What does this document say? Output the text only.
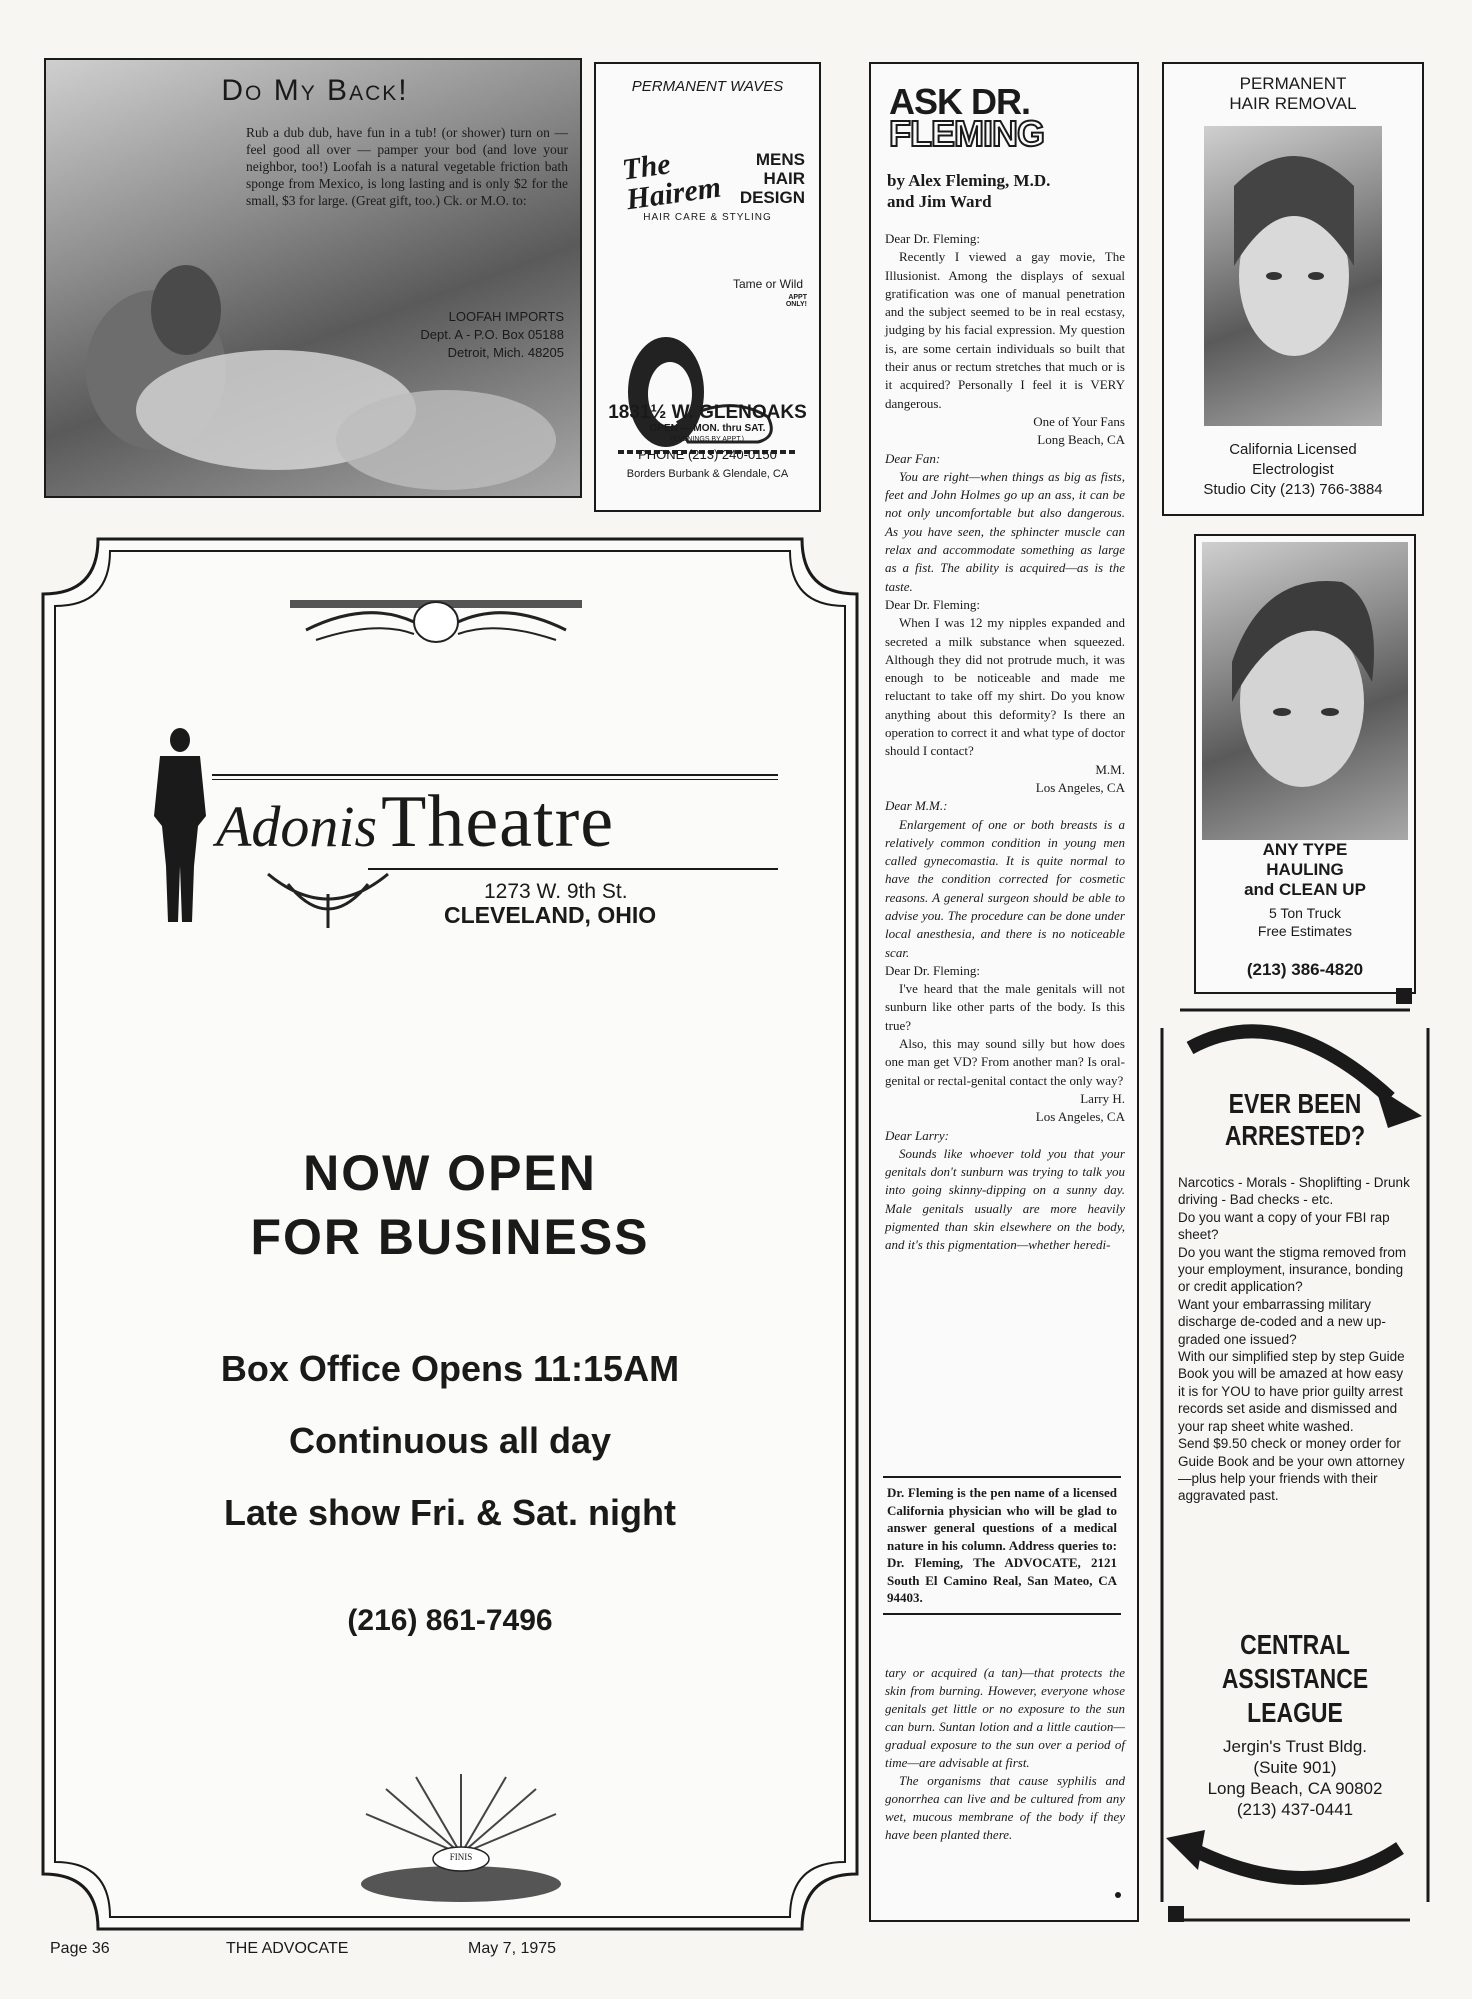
Do My Back!

Rub a dub dub, have fun in a tub! (or shower) turn on — feel good all over — pamper your bod (and love your neighbor, too!) Loofah is a natural vegetable friction bath sponge from Mexico, is long lasting and is only $2 for the small, $3 for large. (Great gift, too.) Ck. or M.O. to:

LOOFAH IMPORTS
Dept. A - P.O. Box 05188
Detroit, Mich. 48205
PERMANENT WAVES
The Hairem
MENS
HAIR
DESIGN
HAIR CARE & STYLING
Tame or Wild
APPT ONLY!
1831½ W. GLENOAKS
OPEN — MON. thru SAT.
(EVENINGS BY APPT.)
PHONE (213) 240-0150
Borders Burbank & Glendale, CA
Adonis Theatre
1273 W. 9th St.
CLEVELAND, OHIO
NOW OPEN
FOR BUSINESS
Box Office Opens 11:15AM
Continuous all day
Late show Fri. & Sat. night
(216) 861-7496
FINIS
ASK DR.
FLEMING
by Alex Fleming, M.D.
and Jim Ward

Dear Dr. Fleming:

Recently I viewed a gay movie, The Illusionist. Among the displays of sexual gratification was one of manual penetration and the subject seemed to be in real ecstasy, judging by his facial expression. My question is, are some certain individuals so built that their anus or rectum stretches that much or is it acquired? Personally I feel it is VERY dangerous.

One of Your Fans

Long Beach, CA

Dear Fan:

You are right—when things as big as fists, feet and John Holmes go up an ass, it can be not only uncomfortable but also dangerous. As you have seen, the sphincter muscle can relax and accommodate something as large as a fist. The ability is acquired—as is the taste.

Dear Dr. Fleming:

When I was 12 my nipples expanded and secreted a milk substance when squeezed. Although they did not protrude much, it was enough to be noticeable and made me reluctant to take off my shirt. Do you know anything about this deformity? Is there an operation to correct it and what type of doctor should I contact?

M.M.

Los Angeles, CA

Dear M.M.:

Enlargement of one or both breasts is a relatively common condition in young men called gynecomastia. It is quite normal to have the condition corrected for cosmetic reasons. A general surgeon should be able to advise you. The procedure can be done under local anesthesia, and there is no noticeable scar.

Dear Dr. Fleming:

I've heard that the male genitals will not sunburn like other parts of the body. Is this true?

Also, this may sound silly but how does one man get VD? From another man? Is oral-genital or rectal-genital contact the only way?

Larry H.

Los Angeles, CA

Dear Larry:

Sounds like whoever told you that your genitals don't sunburn was trying to talk you into going skinny-dipping on a sunny day. Male genitals usually are more heavily pigmented than skin elsewhere on the body, and it's this pigmentation—whether heredi-

Dr. Fleming is the pen name of a licensed California physician who will be glad to answer general questions of a medical nature in his column. Address queries to: Dr. Fleming, The ADVOCATE, 2121 South El Camino Real, San Mateo, CA 94403.

tary or acquired (a tan)—that protects the skin from burning. However, everyone whose genitals get little or no exposure to the sun can burn. Suntan lotion and a little caution—gradual exposure to the sun over a period of time—are advisable at first.

The organisms that cause syphilis and gonorrhea can live and be cultured from any wet, mucous membrane of the body if they have been planted there.

PERMANENT
HAIR REMOVAL
California Licensed
Electrologist
Studio City (213) 766-3884
ANY TYPE
HAULING
and CLEAN UP
5 Ton Truck
Free Estimates
(213) 386-4820
EVER BEEN
ARRESTED?

Narcotics - Morals - Shoplifting - Drunk driving - Bad checks - etc.

Do you want a copy of your FBI rap sheet?

Do you want the stigma removed from your employment, insurance, bonding or credit application?

Want your embarrassing military discharge de-coded and a new up-graded one issued?

With our simplified step by step Guide Book you will be amazed at how easy it is for YOU to have prior guilty arrest records set aside and dismissed and your rap sheet white washed.

Send $9.50 check or money order for Guide Book and be your own attorney—plus help your friends with their aggravated past.

CENTRAL
ASSISTANCE
LEAGUE
Jergin's Trust Bldg.
(Suite 901)
Long Beach, CA 90802
(213) 437-0441
Page 36	THE ADVOCATE	May 7, 1975
